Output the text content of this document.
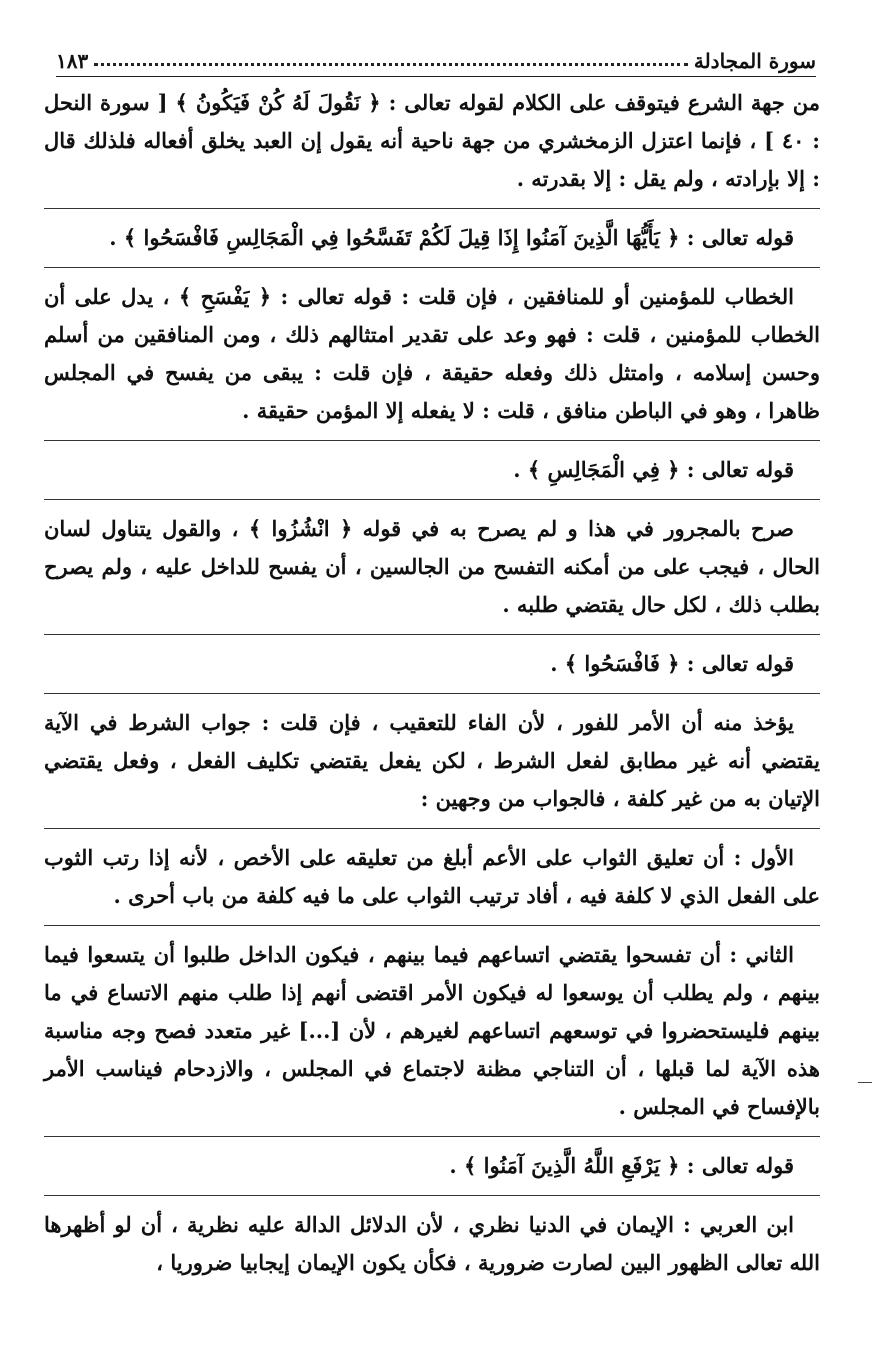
سورة المجادلة
١٨٣

من جهة الشرع فيتوقف على الكلام لقوله تعالى : ﴿ نَقُولَ لَهُ كُنْ فَيَكُونُ ﴾ [ سورة النحل : ٤٠ ] ، فإنما اعتزل الزمخشري من جهة ناحية أنه يقول إن العبد يخلق أفعاله فلذلك قال : إلا بإرادته ، ولم يقل : إلا بقدرته .

قوله تعالى : ﴿ يَأَيُّهَا الَّذِينَ آمَنُوا إِذَا قِيلَ لَكُمْ تَفَسَّحُوا فِي الْمَجَالِسِ فَافْسَحُوا ﴾ .

الخطاب للمؤمنين أو للمنافقين ، فإن قلت : قوله تعالى : ﴿ يَفْسَحِ ﴾ ، يدل على أن الخطاب للمؤمنين ، قلت : فهو وعد على تقدير امتثالهم ذلك ، ومن المنافقين من أسلم وحسن إسلامه ، وامتثل ذلك وفعله حقيقة ، فإن قلت : يبقى من يفسح في المجلس ظاهرا ، وهو في الباطن منافق ، قلت : لا يفعله إلا المؤمن حقيقة .

قوله تعالى : ﴿ فِي الْمَجَالِسِ ﴾ .

صرح بالمجرور في هذا و لم يصرح به في قوله ﴿ انْشُزُوا ﴾ ، والقول يتناول لسان الحال ، فيجب على من أمكنه التفسح من الجالسين ، أن يفسح للداخل عليه ، ولم يصرح بطلب ذلك ، لكل حال يقتضي طلبه .

قوله تعالى : ﴿ فَافْسَحُوا ﴾ .

يؤخذ منه أن الأمر للفور ، لأن الفاء للتعقيب ، فإن قلت : جواب الشرط في الآية يقتضي أنه غير مطابق لفعل الشرط ، لكن يفعل يقتضي تكليف الفعل ، وفعل يقتضي الإتيان به من غير كلفة ، فالجواب من وجهين :

الأول : أن تعليق الثواب على الأعم أبلغ من تعليقه على الأخص ، لأنه إذا رتب الثوب على الفعل الذي لا كلفة فيه ، أفاد ترتيب الثواب على ما فيه كلفة من باب أحرى .

الثاني : أن تفسحوا يقتضي اتساعهم فيما بينهم ، فيكون الداخل طلبوا أن يتسعوا فيما بينهم ، ولم يطلب أن يوسعوا له فيكون الأمر اقتضى أنهم إذا طلب منهم الاتساع في ما بينهم فليستحضروا في توسعهم اتساعهم لغيرهم ، لأن [...] غير متعدد فصح وجه مناسبة هذه الآية لما قبلها ، أن التناجي مظنة لاجتماع في المجلس ، والازدحام فيناسب الأمر بالإفساح في المجلس .

قوله تعالى : ﴿ يَرْفَعِ اللَّهُ الَّذِينَ آمَنُوا ﴾ .

ابن العربي : الإيمان في الدنيا نظري ، لأن الدلائل الدالة عليه نظرية ، أن لو أظهرها الله تعالى الظهور البين لصارت ضرورية ، فكأن يكون الإيمان إيجابيا ضروريا ،
